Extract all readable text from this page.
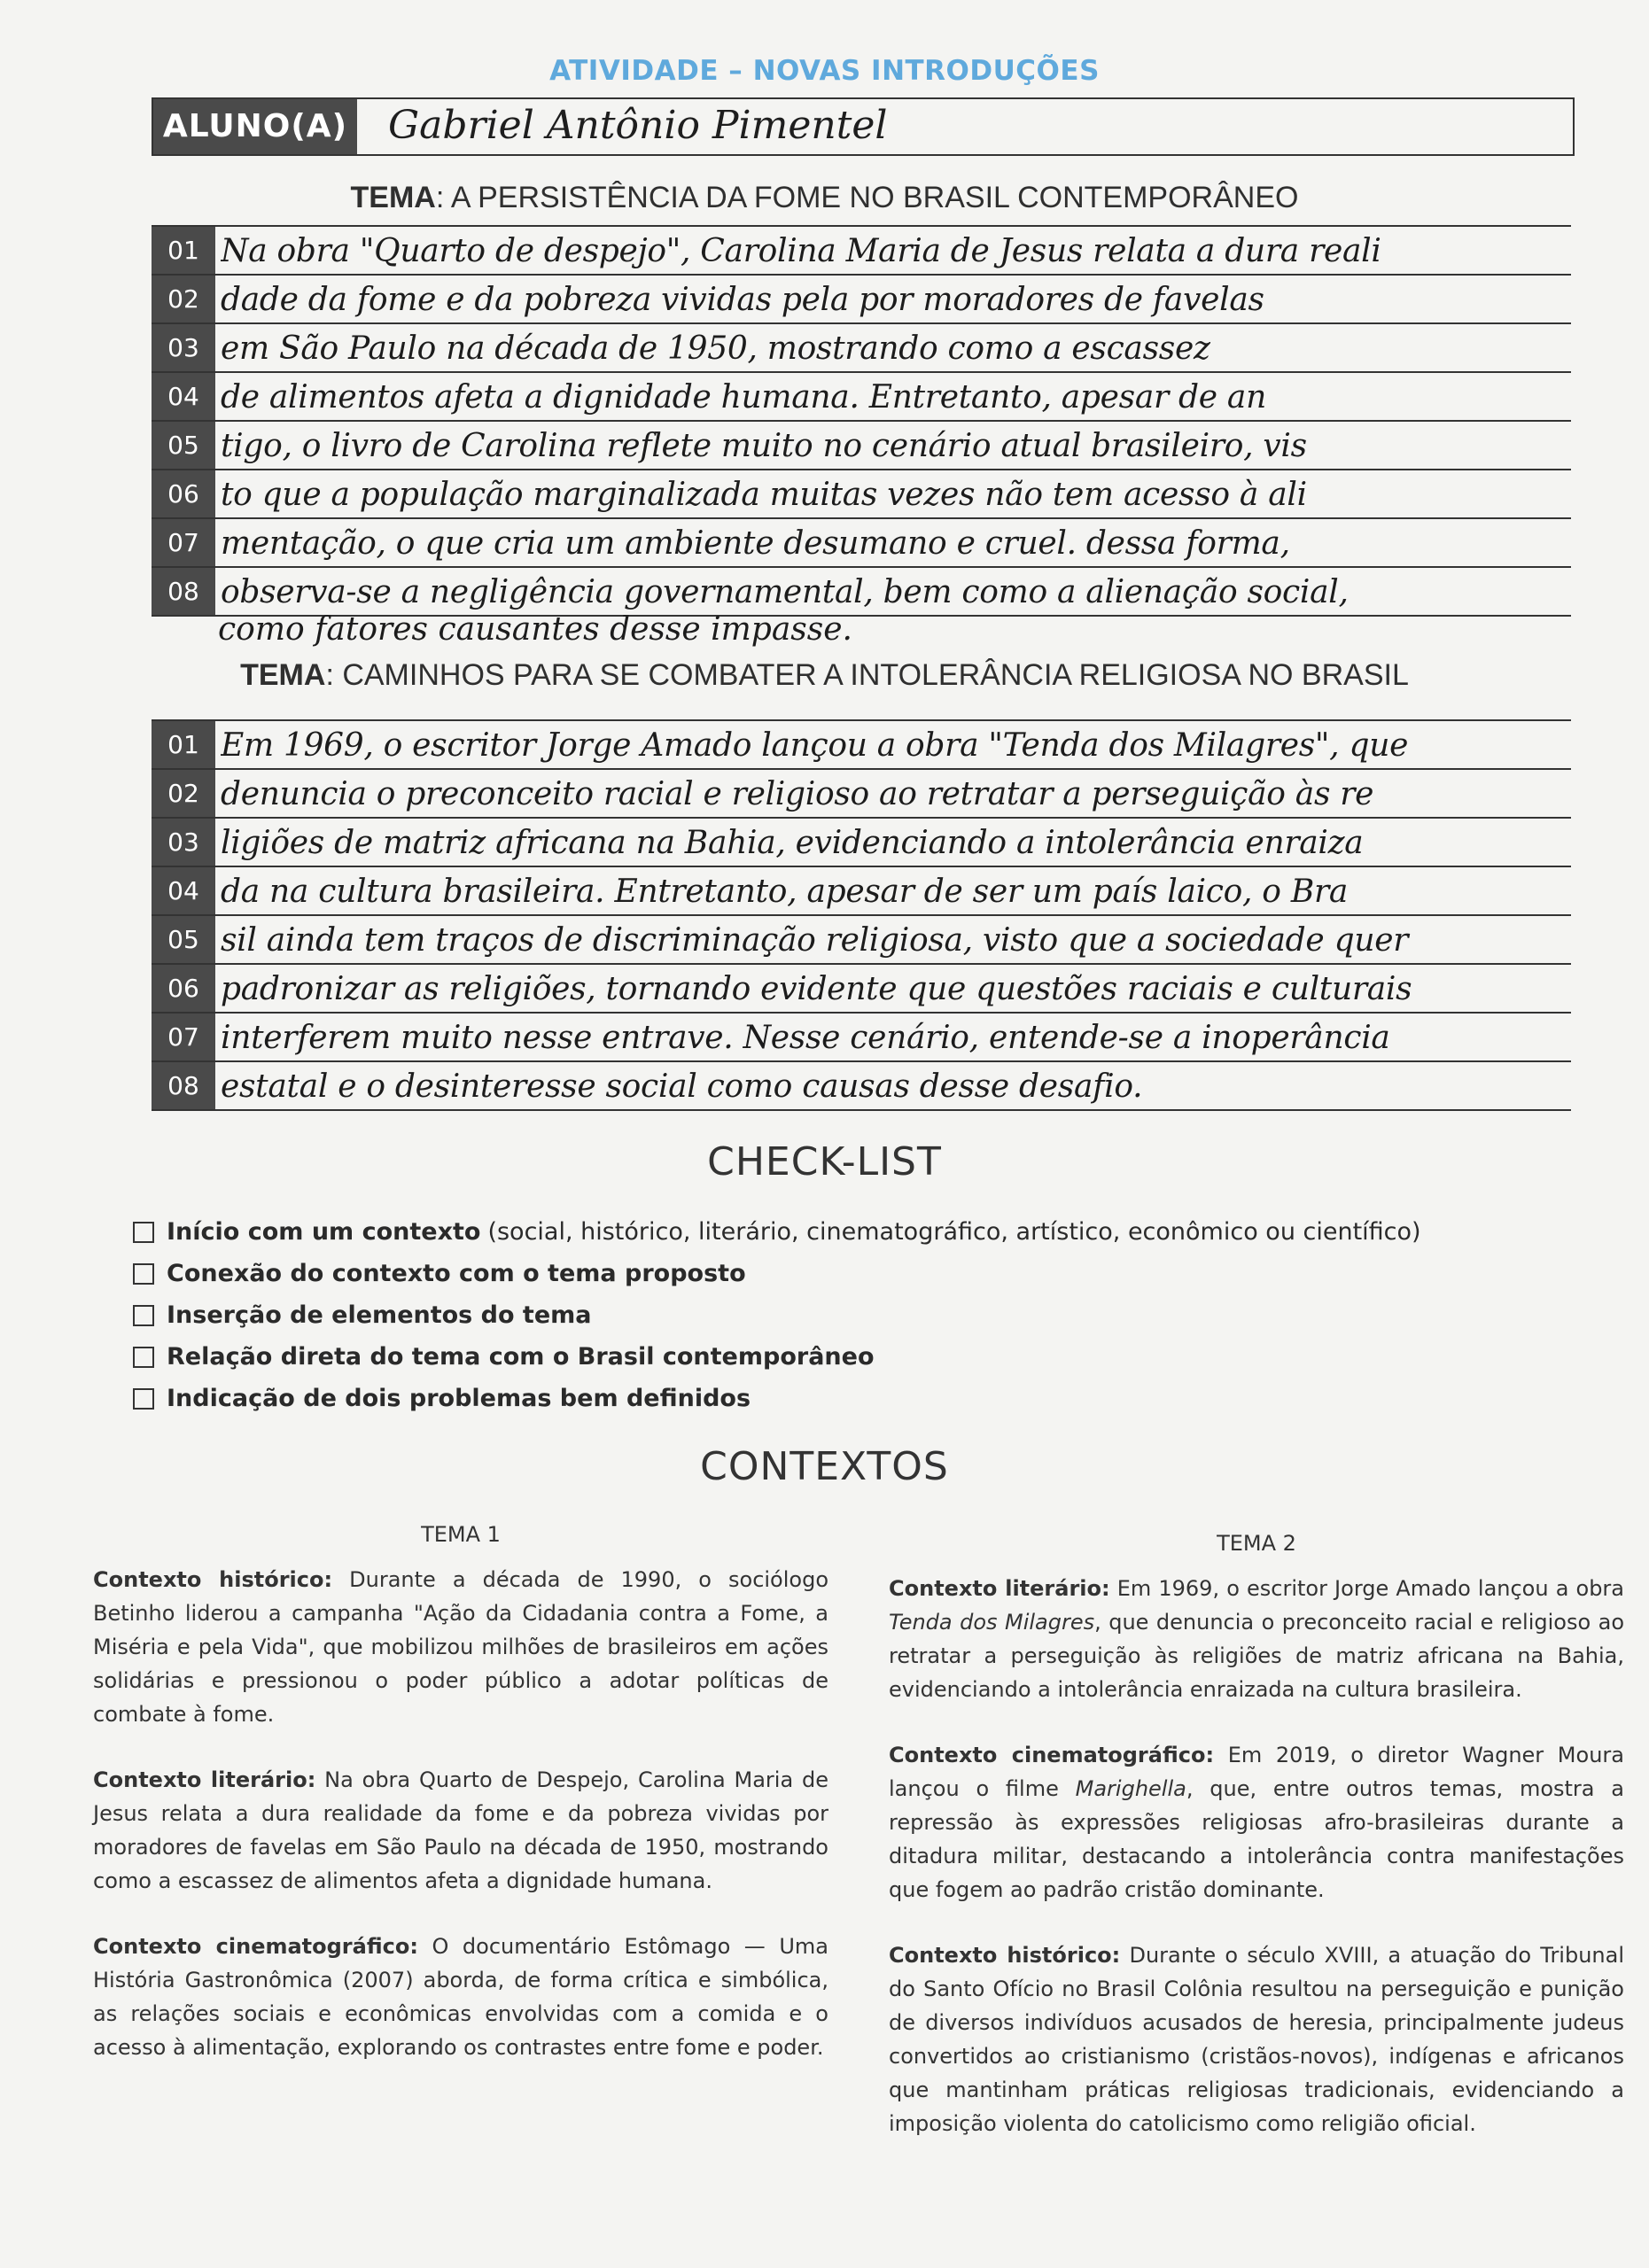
ATIVIDADE – NOVAS INTRODUÇÕES
ALUNO(A) Gabriel Antônio Pimentel
TEMA: A PERSISTÊNCIA DA FOME NO BRASIL CONTEMPORÂNEO
01 Na obra "Quarto de despejo", Carolina Maria de Jesus relata a dura reali
02 dade da fome e da pobreza vividas pela por moradores de favelas
03 em São Paulo na década de 1950, mostrando como a escassez
04 de alimentos afeta a dignidade humana. Entretanto, apesar de an
05 tigo, o livro de Carolina reflete muito no cenário atual brasileiro, vis
06 to que a população marginalizada muitas vezes não tem acesso à ali
07 mentação, o que cria um ambiente desumano e cruel. dessa forma,
08 observa-se a negligência governamental, bem como a alienação social,
como fatores causantes desse impasse.
TEMA: CAMINHOS PARA SE COMBATER A INTOLERÂNCIA RELIGIOSA NO BRASIL
01 Em 1969, o escritor Jorge Amado lançou a obra "Tenda dos Milagres", que
02 denuncia o preconceito racial e religioso ao retratar a perseguição às re
03 ligiões de matriz africana na Bahia, evidenciando a intolerância enraiza
04 da na cultura brasileira. Entretanto, apesar de ser um país laico, o Bra
05 sil ainda tem traços de discriminação religiosa, visto que a sociedade quer
06 padronizar as religiões, tornando evidente que questões raciais e culturais
07 interferem muito nesse entrave. Nesse cenário, entende-se a inoperância
08 estatal e o desinteresse social como causas desse desafio.
CHECK-LIST
Início com um contexto (social, histórico, literário, cinematográfico, artístico, econômico ou científico)
Conexão do contexto com o tema proposto
Inserção de elementos do tema
Relação direta do tema com o Brasil contemporâneo
Indicação de dois problemas bem definidos
CONTEXTOS
TEMA 1
Contexto histórico: Durante a década de 1990, o sociólogo Betinho liderou a campanha "Ação da Cidadania contra a Fome, a Miséria e pela Vida", que mobilizou milhões de brasileiros em ações solidárias e pressionou o poder público a adotar políticas de combate à fome.
Contexto literário: Na obra Quarto de Despejo, Carolina Maria de Jesus relata a dura realidade da fome e da pobreza vividas por moradores de favelas em São Paulo na década de 1950, mostrando como a escassez de alimentos afeta a dignidade humana.
Contexto cinematográfico: O documentário Estômago — Uma História Gastronômica (2007) aborda, de forma crítica e simbólica, as relações sociais e econômicas envolvidas com a comida e o acesso à alimentação, explorando os contrastes entre fome e poder.
TEMA 2
Contexto literário: Em 1969, o escritor Jorge Amado lançou a obra Tenda dos Milagres, que denuncia o preconceito racial e religioso ao retratar a perseguição às religiões de matriz africana na Bahia, evidenciando a intolerância enraizada na cultura brasileira.
Contexto cinematográfico: Em 2019, o diretor Wagner Moura lançou o filme Marighella, que, entre outros temas, mostra a repressão às expressões religiosas afro-brasileiras durante a ditadura militar, destacando a intolerância contra manifestações que fogem ao padrão cristão dominante.
Contexto histórico: Durante o século XVIII, a atuação do Tribunal do Santo Ofício no Brasil Colônia resultou na perseguição e punição de diversos indivíduos acusados de heresia, principalmente judeus convertidos ao cristianismo (cristãos-novos), indígenas e africanos que mantinham práticas religiosas tradicionais, evidenciando a imposição violenta do catolicismo como religião oficial.
